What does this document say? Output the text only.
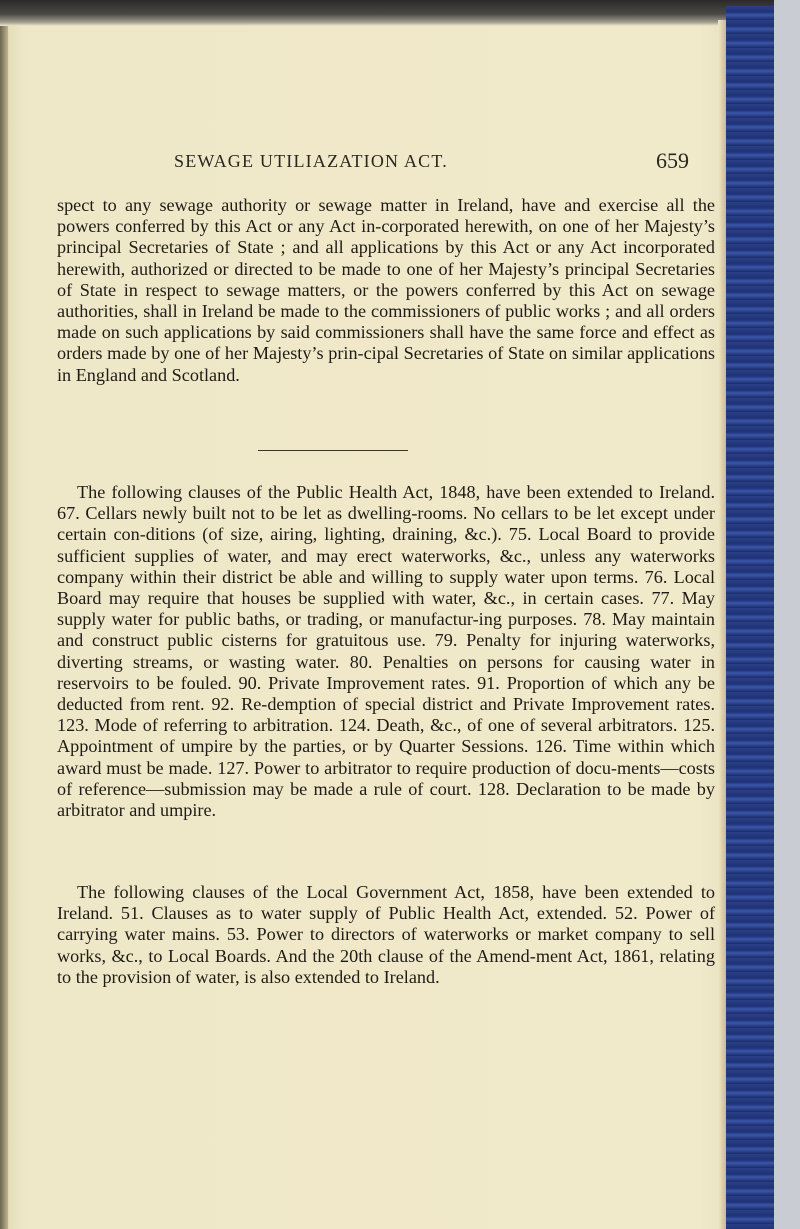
SEWAGE UTILIAZATION ACT.	659
spect to any sewage authority or sewage matter in Ireland, have and exercise all the powers conferred by this Act or any Act in-corporated herewith, on one of her Majesty’s principal Secretaries of State ; and all applications by this Act or any Act incorporated herewith, authorized or directed to be made to one of her Majesty’s principal Secretaries of State in respect to sewage matters, or the powers conferred by this Act on sewage authorities, shall in Ireland be made to the commissioners of public works ; and all orders made on such applications by said commissioners shall have the same force and effect as orders made by one of her Majesty’s prin-cipal Secretaries of State on similar applications in England and Scotland.
The following clauses of the Public Health Act, 1848, have been extended to Ireland. 67. Cellars newly built not to be let as dwelling-rooms. No cellars to be let except under certain con-ditions (of size, airing, lighting, draining, &c.). 75. Local Board to provide sufficient supplies of water, and may erect waterworks, &c., unless any waterworks company within their district be able and willing to supply water upon terms. 76. Local Board may require that houses be supplied with water, &c., in certain cases. 77. May supply water for public baths, or trading, or manufactur-ing purposes. 78. May maintain and construct public cisterns for gratuitous use. 79. Penalty for injuring waterworks, diverting streams, or wasting water. 80. Penalties on persons for causing water in reservoirs to be fouled. 90. Private Improvement rates. 91. Proportion of which any be deducted from rent. 92. Re-demption of special district and Private Improvement rates. 123. Mode of referring to arbitration. 124. Death, &c., of one of several arbitrators. 125. Appointment of umpire by the parties, or by Quarter Sessions. 126. Time within which award must be made. 127. Power to arbitrator to require production of docu-ments—costs of reference—submission may be made a rule of court. 128. Declaration to be made by arbitrator and umpire.
The following clauses of the Local Government Act, 1858, have been extended to Ireland. 51. Clauses as to water supply of Public Health Act, extended. 52. Power of carrying water mains. 53. Power to directors of waterworks or market company to sell works, &c., to Local Boards. And the 20th clause of the Amend-ment Act, 1861, relating to the provision of water, is also extended to Ireland.
